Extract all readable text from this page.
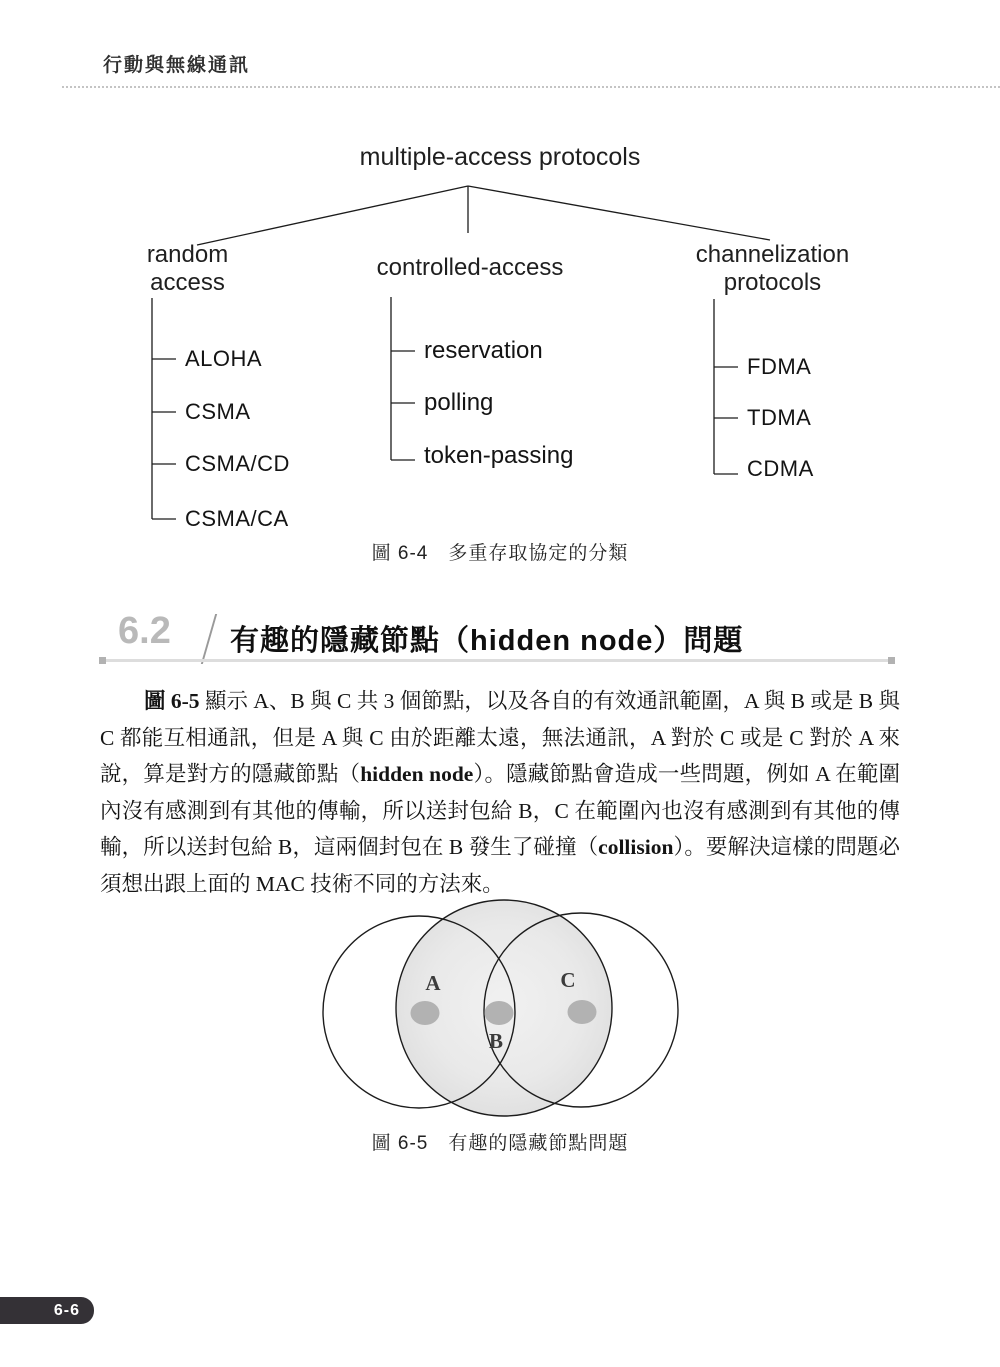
行動與無線通訊
multiple-access protocols
random
access
controlled-access	channelization
protocols
ALOHA
CSMA
CSMA/CD
CSMA/CA
reservation
polling
token-passing
FDMA
TDMA
CDMA
圖 6-4　多重存取協定的分類
6.2 有趣的隱藏節點（hidden node）問題

圖 6-5 顯示 A、B 與 C 共 3 個節點，以及各自的有效通訊範圍，A 與 B 或是 B 與 C 都能互相通訊，但是 A 與 C 由於距離太遠，無法通訊，A 對於 C 或是 C 對於 A 來說，算是對方的隱藏節點（hidden node）。隱藏節點會造成一些問題，例如 A 在範圍內沒有感測到有其他的傳輸，所以送封包給 B，C 在範圍內也沒有感測到有其他的傳輸，所以送封包給 B，這兩個封包在 B 發生了碰撞（collision）。要解決這樣的問題必須想出跟上面的 MAC 技術不同的方法來。

A
B
C
圖 6-5　有趣的隱藏節點問題
6-6
